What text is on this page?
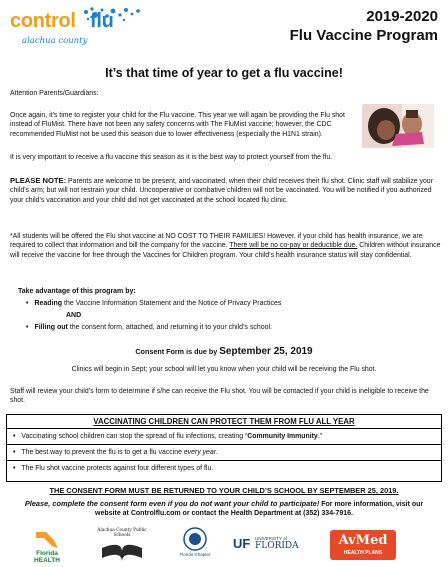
control flu
alachua county
2019-2020
Flu Vaccine Program
It’s that time of year to get a flu vaccine!
Attention Parents/Guardians:
Once again, it’s time to register your child for the Flu vaccine. This year we will again be providing the Flu shot instead of FluMist. There have not been any safety concerns with The FluMist vaccine; however, the CDC recommended FluMist not be used this season due to lower effectiveness (especially the H1N1 strain).
It is very important to receive a flu vaccine this season as it is the best way to protect yourself from the flu.
PLEASE NOTE: Parents are welcome to be present, and vaccinated, when their child receives their flu shot. Clinic staff will stabilize your child’s arm; but will not restrain your child. Uncooperative or combative children will not be vaccinated. You will be notified if you authorized your child’s vaccination and your child did not get vaccinated at the school located flu clinic.
*All students will be offered the Flu shot vaccine at NO COST TO THEIR FAMILIES! However, if your child has health insurance, we are required to collect that information and bill the company for the vaccine. There will be no co-pay or deductible due. Children without insurance will receive the vaccine for free through the Vaccines for Children program. Your child’s health insurance status will stay confidential.
Take advantage of this program by:
• Reading the Vaccine Information Statement and the Notice of Privacy Practices
AND
• Filling out the consent form, attached, and returning it to your child’s school.
Consent Form is due by September 25, 2019
Clinics will begin in Sept; your school will let you know when your child will be receiving the Flu shot.
Staff will review your child’s form to determine if s/he can receive the Flu shot. You will be contacted if your child is ineligible to receive the shot.
VACCINATING CHILDREN CAN PROTECT THEM FROM FLU ALL YEAR
• Vaccinating school children can stop the spread of flu infections, creating “Community Immunity.”
• The best way to prevent the flu is to get a flu vaccine every year.
• The Flu shot vaccine protects against four different types of flu.
THE CONSENT FORM MUST BE RETURNED TO YOUR CHILD’S SCHOOL BY SEPTEMBER 25, 2019.
Please, complete the consent form even if you do not want your child to participate! For more information, visit our website at Controlflu.com or contact the Health Department at (352) 334-7916.
Florida HEALTH
Alachua County Public Schools
Florida Chapter
UF UNIVERSITY of
FLORIDA	AvMed
HEALTH PLANS
